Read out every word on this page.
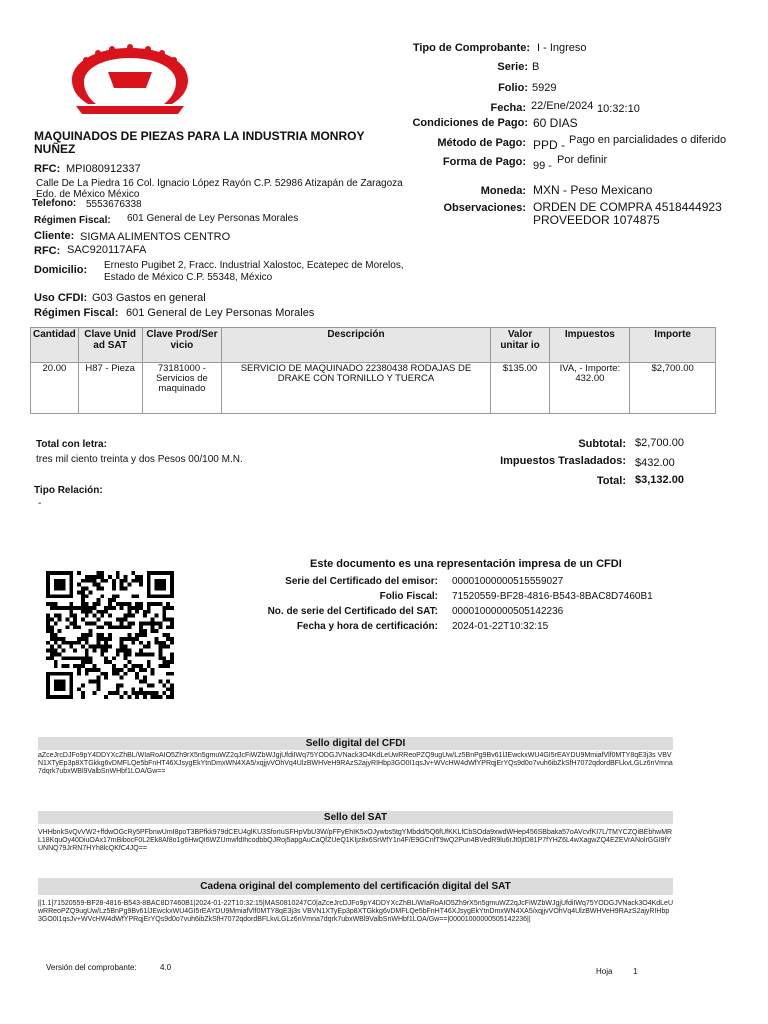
Tipo de Comprobante: I - Ingreso
Serie: B
Folio: 5929
Fecha: 22/Ene/2024 10:32:10
Condiciones de Pago: 60 DIAS
Método de Pago: PPD - Pago en parcialidades o diferido
Forma de Pago: 99 - Por definir
Moneda: MXN - Peso Mexicano
Observaciones: ORDEN DE COMPRA 4518444923
PROVEEDOR 1074875
MAQUINADOS DE PIEZAS PARA LA INDUSTRIA MONROY
NUÑEZ
RFC: MPI080912337
Calle De La Piedra 16 Col. Ignacio López Rayón C.P. 52986 Atizapán de Zaragoza
Edo. de México México
Telefono: 5553676338
Régimen Fiscal: 601 General de Ley Personas Morales
Cliente: SIGMA ALIMENTOS CENTRO
RFC: SAC920117AFA
Domicilio: Ernesto Pugibet 2, Fracc. Industrial Xalostoc, Ecatepec de Morelos,
Estado de México C.P. 55348, México
Uso CFDI: G03 Gastos en general
Régimen Fiscal: 601 General de Ley Personas Morales
Cantidad	Clave Unid ad SAT	Clave Prod/Ser vicio	Descripción	Valor unitar io	Impuestos	Importe
20.00	H87 - Pieza	73181000 - Servicios de maquinado	SERVICIO DE MAQUINADO 22380438 RODAJAS DE DRAKE CON TORNILLO Y TUERCA	$135.00	IVA, - Importe: 432.00	$2,700.00
Total con letra:
tres mil ciento treinta y dos Pesos 00/100 M.N.
Subtotal: $2,700.00
Impuestos Trasladados: $432.00
Total: $3,132.00
Tipo Relación:
-
Este documento es una representación impresa de un CFDI
Serie del Certificado del emisor: 00001000000515559027
Folio Fiscal: 71520559-BF28-4816-B543-8BAC8D7460B1
No. de serie del Certificado del SAT: 00001000000505142236
Fecha y hora de certificación: 2024-01-22T10:32:15
Sello digital del CFDI
aZceJrcDJFo9pY4DDYXcZhBL/WIaRoAIO5Zh9rX5n5gmuWZ2qJcFiWZbWJgjUfdiIWq75YODGJVNack3O4KdLeUwRReoPZQ9ugUw/Lz5BnPg9Bv61lJEwckxWU4GI5rEAYDU9MmiafVlf0MTY8qE3j3s VBVN1XTyEp3p8XTGkkg6vDMFLQe5bFnHT46XJsygEkYtnDmxWN4XA5/xqjjvVOhVq4UlzBWHVeH9RAzS2ajyRIHbp3GO0I1qsJv+WVcHW4dWfYPRqjErYQs9d0o7vuh6ibZkSfH7072qdordBFLkvLGLz6nVmna7dqrk7ubxWBl9ValbSnWHbf1LOA/Gw==
Sello del SAT
VHHbnkSvQvVW2+ffdwOGcRy5PFbnwUmI8poT3BPfkk979dCEU4glKU3SforIuSFHpVbU3W/pFFyEhIK5xOJywbs5tgYMbdd/5Q6fUfKKLfCbSOda9xwdWHep456SBbaka57oAVcvfKI7L/TMYCZQiBEbhwMRL18KquOy40DiuOAx17mBibocF0L2Ek8Af8o1g6HwQI6WZUmwfdIhcodbbQJRoj5apgAuCaQfZUeQ1KIjz8x6SrWfY1n4F/E9GCnfT9wQ2Pun4BVedR9lu6rJt0jtD81P7fYHZ6L4wXagwZQ4EZEVrANolrGGI9fYUNNQ79JrRN7HYh8lcQKfC4JQ==
Cadena original del complemento del certificación digital del SAT
||1.1|71520559-BF28-4816-B543-8BAC8D7460B1|2024-01-22T10:32:15|MAS0810247C0|aZceJrcDJFo9pY4DDYXcZhBL/WIaRoAIO5Zh9rX5n5gmuWZ2qJcFiWZbWJgjUfdiIWq75YODGJVNack3O4KdLeUwRReoPZQ9ugUw/Lz5BnPg9Bv61lJEwckxWU4GI5rEAYDU9MmiafVlf0MTY8qE3j3s VBVN1XTyEp3p8XTGkkg6vDMFLQe5bFnHT46XJsygEkYtnDmxWN4XA5/xqjjvVOhVq4UlzBWHVeH9RAzS2ajyRIHbp3GO0I1qsJv+WVcHW4dWfYPRqjErYQs9d0o7vuh6ibZkSfH7072qdordBFLkvLGLz6nVmna7dqrk7ubxWBl9ValbSnWHbf1LOA/Gw==|00001000000505142236||
Versión del comprobante:	4.0	Hoja	1
